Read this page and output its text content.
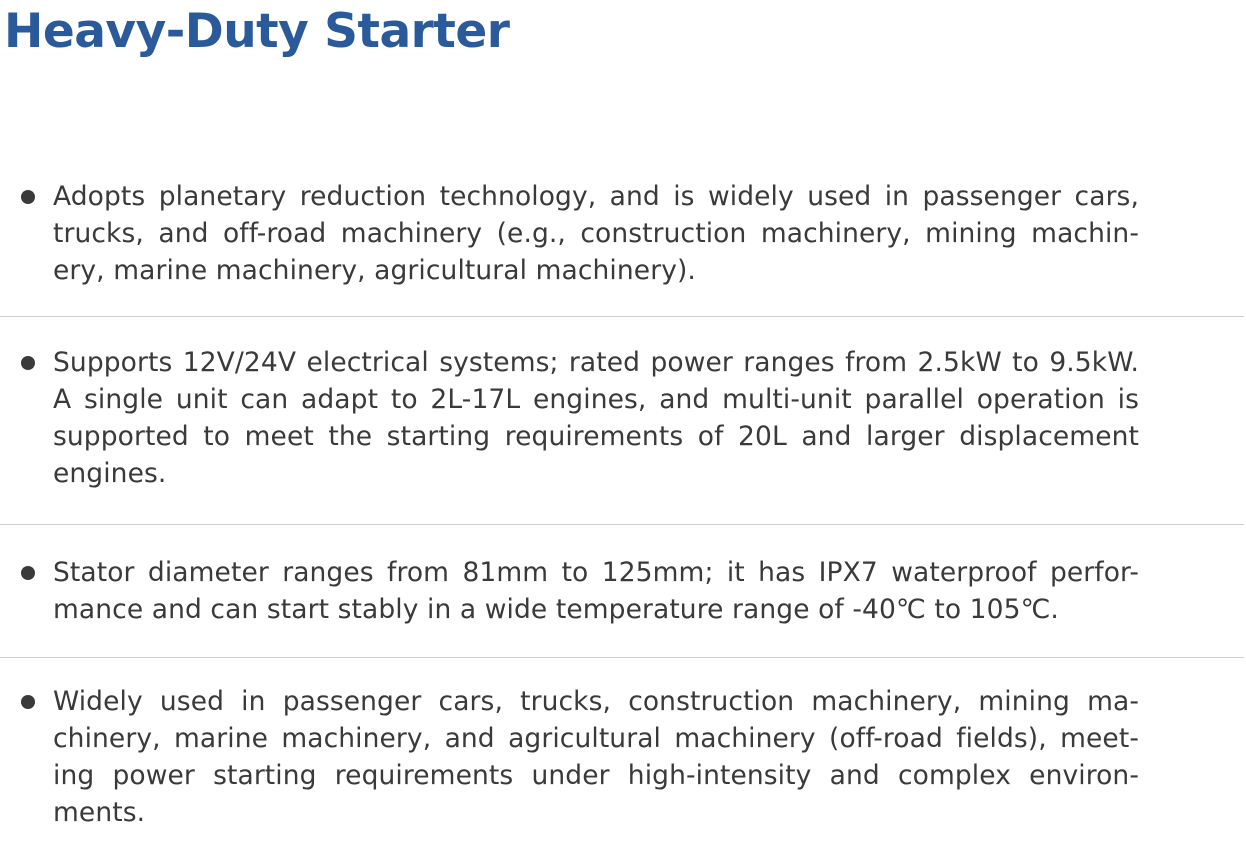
Heavy-Duty Starter
Adopts planetary reduction technology, and is widely used in passenger cars,
trucks, and off-road machinery (e.g., construction machinery, mining machin-
ery, marine machinery, agricultural machinery).
Supports 12V/24V electrical systems; rated power ranges from 2.5kW to 9.5kW.
A single unit can adapt to 2L-17L engines, and multi-unit parallel operation is
supported to meet the starting requirements of 20L and larger displacement
engines.
Stator diameter ranges from 81mm to 125mm; it has IPX7 waterproof perfor-
mance and can start stably in a wide temperature range of -40℃ to 105℃.
Widely used in passenger cars, trucks, construction machinery, mining ma-
chinery, marine machinery, and agricultural machinery (off-road fields), meet-
ing power starting requirements under high-intensity and complex environ-
ments.
